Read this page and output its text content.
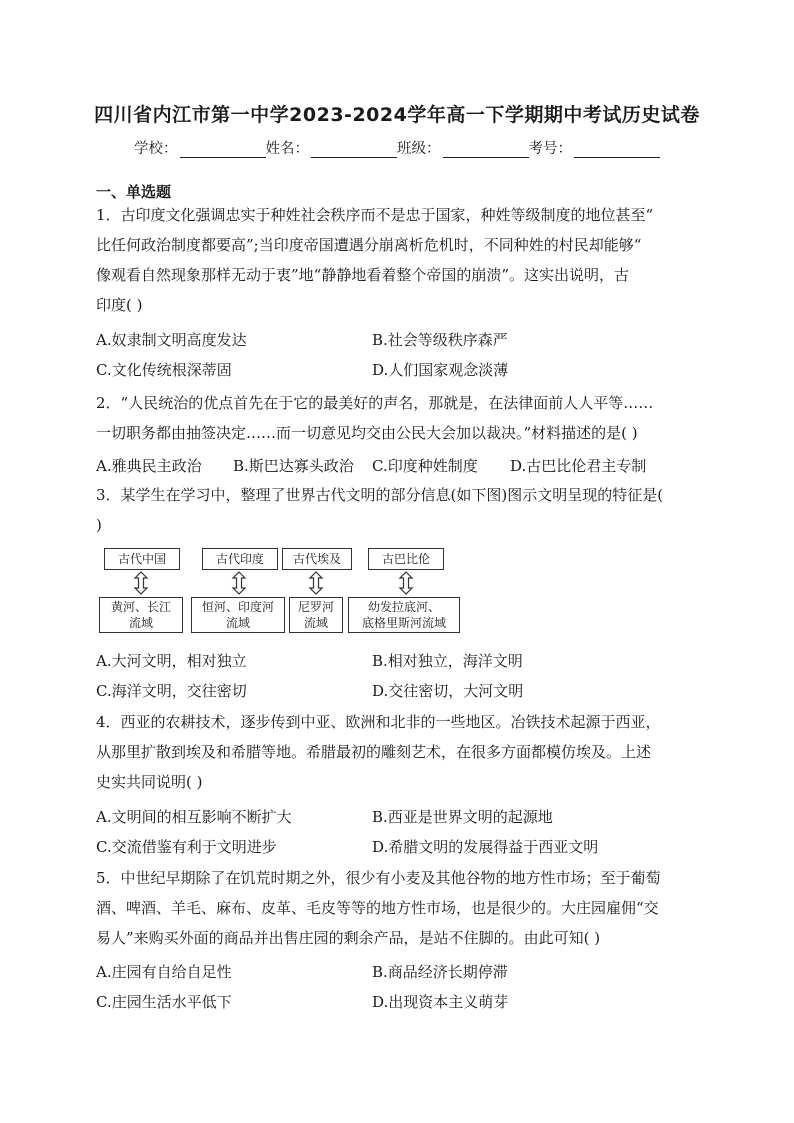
四川省内江市第一中学2023-2024学年高一下学期期中考试历史试卷
学校：	姓名：	班级：	考号：
一、单选题
1．古印度文化强调忠实于种姓社会秩序而不是忠于国家，种姓等级制度的地位甚至“
比任何政治制度都要高”;当印度帝国遭遇分崩离析危机时，不同种姓的村民却能够“
像观看自然现象那样无动于衷”地“静静地看着整个帝国的崩溃”。这实出说明，古
印度( )
A.奴隶制文明高度发达	B.社会等级秩序森严
C.文化传统根深蒂固	D.人们国家观念淡薄
2．“人民统治的优点首先在于它的最美好的声名，那就是，在法律面前人人平等……
一切职务都由抽签决定……而一切意见均交由公民大会加以裁决。”材料描述的是( )
A.雅典民主政治 B.斯巴达寡头政治 C.印度种姓制度 D.古巴比伦君主专制
3．某学生在学习中，整理了世界古代文明的部分信息(如下图)图示文明呈现的特征是(
)
古代中国	古代印度	古代埃及	古巴比伦
黄河、长江
流域
恒河、印度河
流域
尼罗河
流域
幼发拉底河、
底格里斯河流域
A.大河文明，相对独立	B.相对独立，海洋文明
C.海洋文明，交往密切	D.交往密切，大河文明
4．西亚的农耕技术，逐步传到中亚、欧洲和北非的一些地区。冶铁技术起源于西亚，
从那里扩散到埃及和希腊等地。希腊最初的雕刻艺术，在很多方面都模仿埃及。上述
史实共同说明( )
A.文明间的相互影响不断扩大	B.西亚是世界文明的起源地
C.交流借鉴有利于文明进步	D.希腊文明的发展得益于西亚文明
5．中世纪早期除了在饥荒时期之外，很少有小麦及其他谷物的地方性市场；至于葡萄
酒、啤酒、羊毛、麻布、皮革、毛皮等等的地方性市场，也是很少的。大庄园雇佣“交
易人”来购买外面的商品并出售庄园的剩余产品，是站不住脚的。由此可知( )
A.庄园有自给自足性	B.商品经济长期停滞
C.庄园生活水平低下	D.出现资本主义萌芽
